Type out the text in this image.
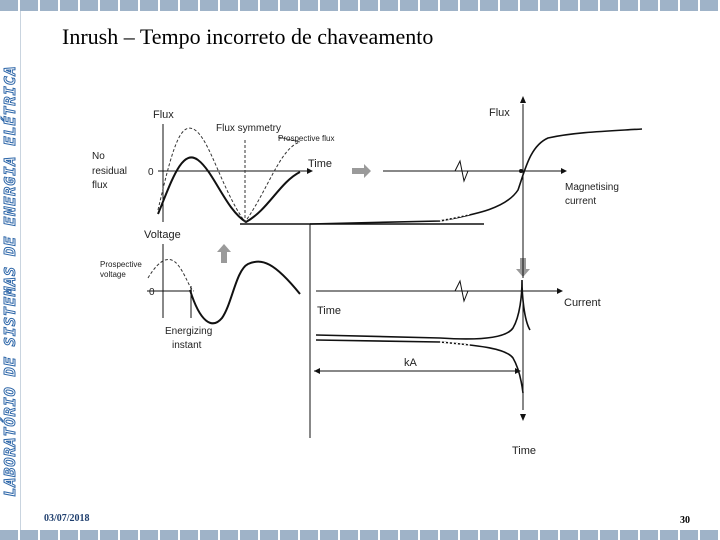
LABORATÓRIO DE SISTEMAS DE ENERGIA ELÉTRICA
Inrush – Tempo incorreto de chaveamento
Flux
Flux symmetry
Prospective flux
No
residual
flux
0
Time
Voltage
Prospective
voltage
0
Energizing
instant
Flux
Magnetising
current
Time
Current
kA
Time
03/07/2018	30
